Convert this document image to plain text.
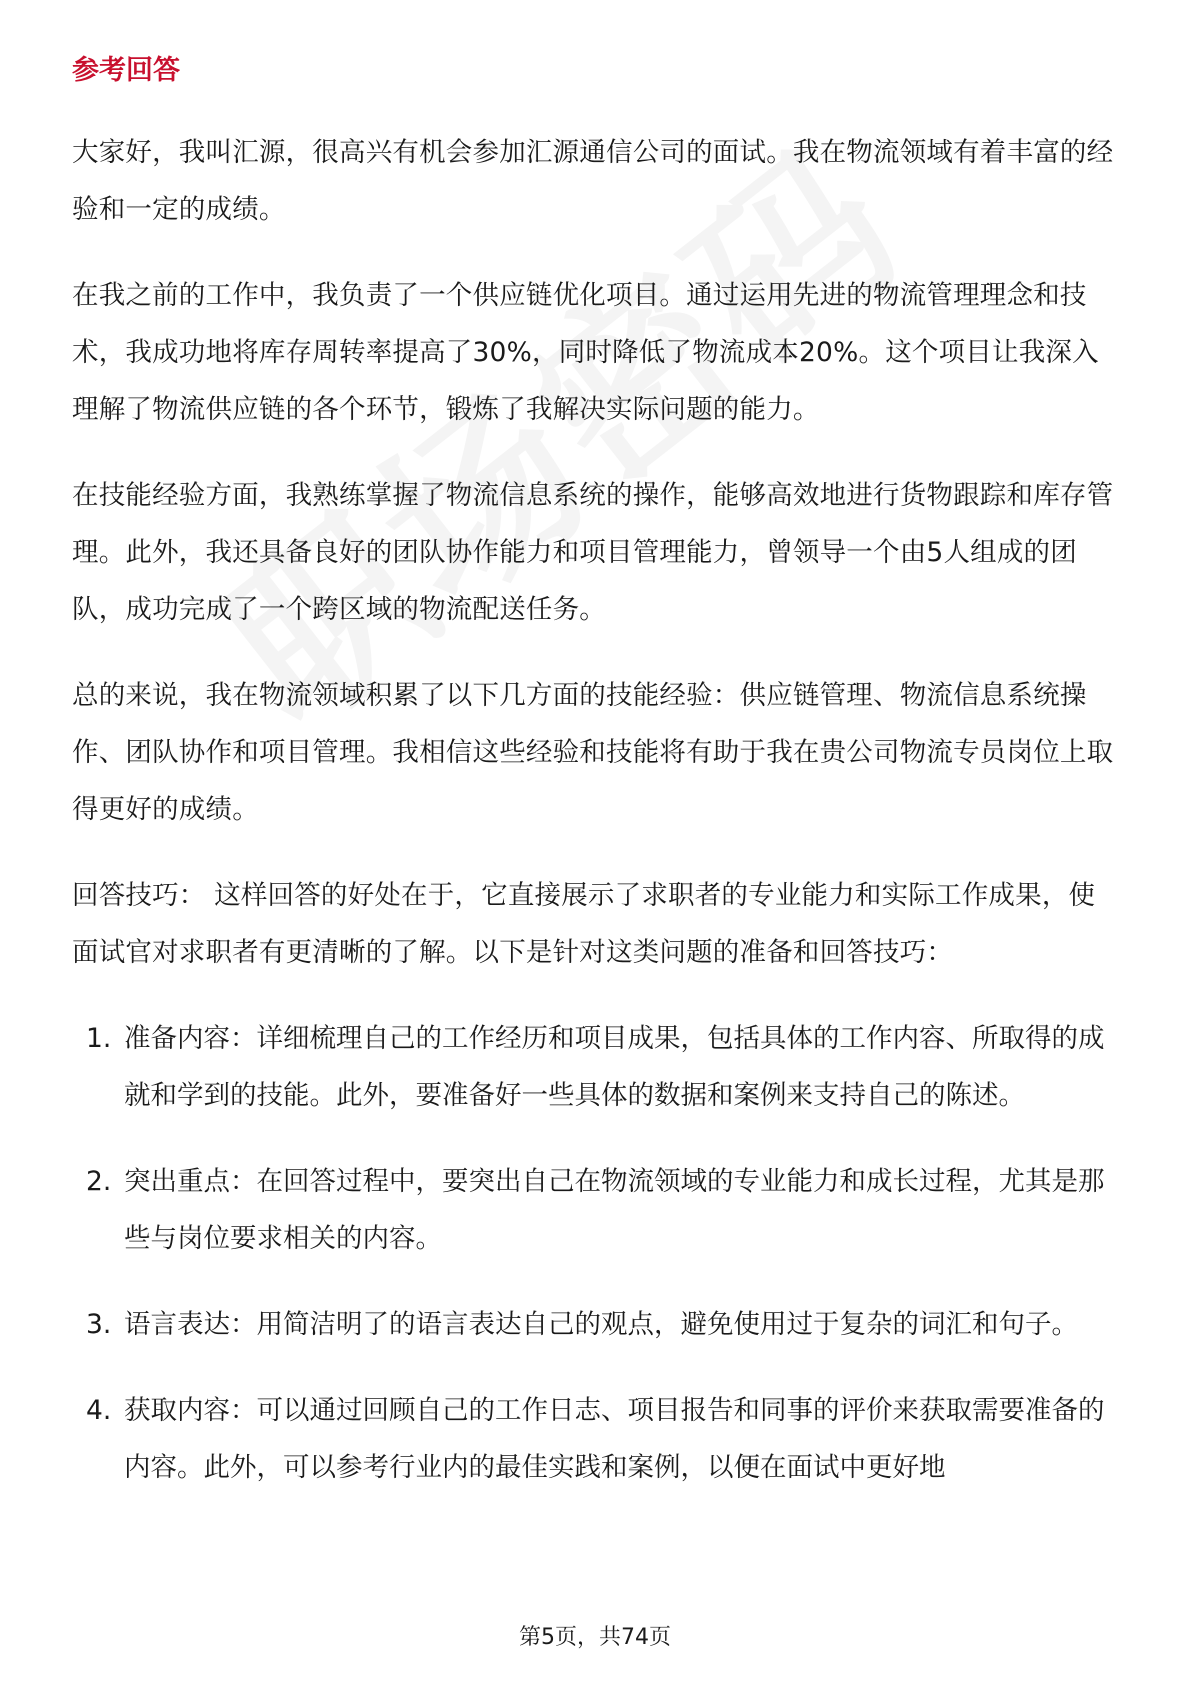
参考回答

大家好，我叫汇源，很高兴有机会参加汇源通信公司的面试。我在物流领域有着丰富的经验和一定的成绩。

在我之前的工作中，我负责了一个供应链优化项目。通过运用先进的物流管理理念和技术，我成功地将库存周转率提高了30%，同时降低了物流成本20%。这个项目让我深入理解了物流供应链的各个环节，锻炼了我解决实际问题的能力。

在技能经验方面，我熟练掌握了物流信息系统的操作，能够高效地进行货物跟踪和库存管理。此外，我还具备良好的团队协作能力和项目管理能力，曾领导一个由5人组成的团队，成功完成了一个跨区域的物流配送任务。

总的来说，我在物流领域积累了以下几方面的技能经验：供应链管理、物流信息系统操作、团队协作和项目管理。我相信这些经验和技能将有助于我在贵公司物流专员岗位上取得更好的成绩。

回答技巧： 这样回答的好处在于，它直接展示了求职者的专业能力和实际工作成果，使面试官对求职者有更清晰的了解。以下是针对这类问题的准备和回答技巧：

1. 准备内容：详细梳理自己的工作经历和项目成果，包括具体的工作内容、所取得的成就和学到的技能。此外，要准备好一些具体的数据和案例来支持自己的陈述。
2. 突出重点：在回答过程中，要突出自己在物流领域的专业能力和成长过程，尤其是那些与岗位要求相关的内容。
3. 语言表达：用简洁明了的语言表达自己的观点，避免使用过于复杂的词汇和句子。
4. 获取内容：可以通过回顾自己的工作日志、项目报告和同事的评价来获取需要准备的内容。此外，可以参考行业内的最佳实践和案例，以便在面试中更好地
第5页，共74页
